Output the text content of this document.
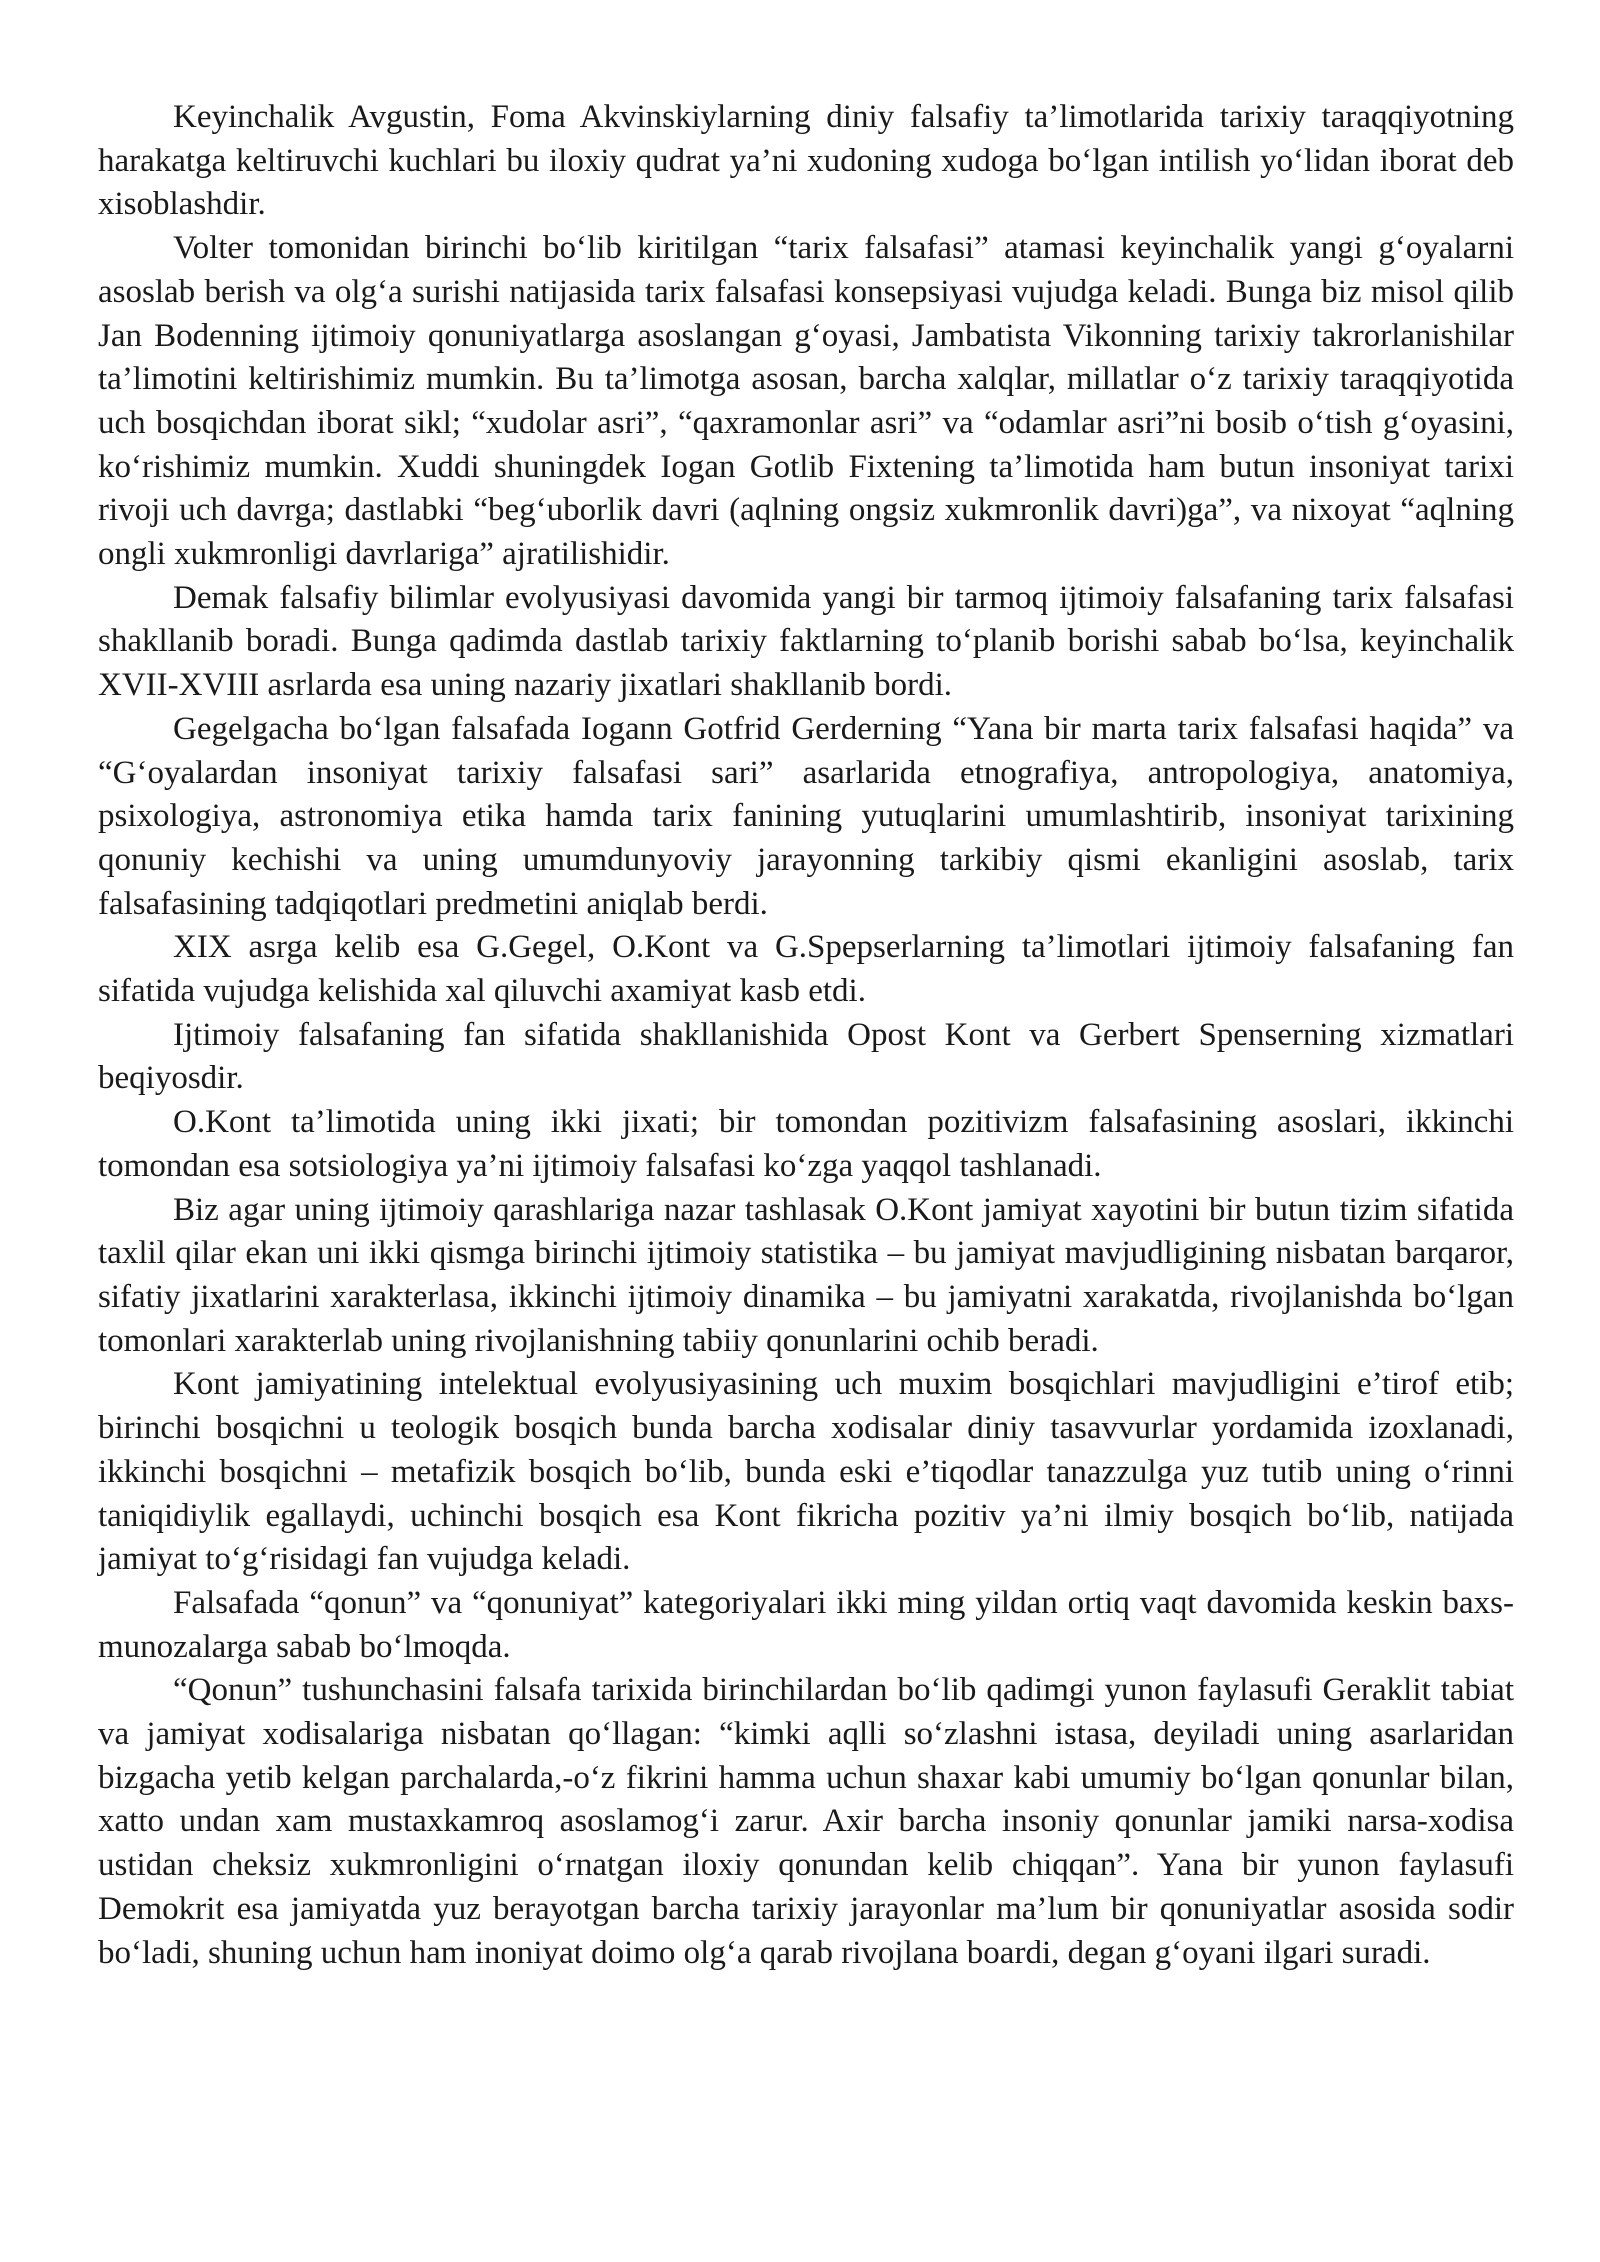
Keyinchalik Avgustin, Foma Akvinskiylarning diniy falsafiy ta’limotlarida tarixiy taraqqiyotning harakatga keltiruvchi kuchlari bu iloxiy qudrat ya’ni xudoning xudoga bo‘lgan intilish yo‘lidan iborat deb xisoblashdir.

Volter tomonidan birinchi bo‘lib kiritilgan “tarix falsafasi” atamasi keyinchalik yangi g‘oyalarni asoslab berish va olg‘a surishi natijasida tarix falsafasi konsepsiyasi vujudga keladi. Bunga biz misol qilib Jan Bodenning ijtimoiy qonuniyatlarga asoslangan g‘oyasi, Jambatista Vikonning tarixiy takrorlanishilar ta’limotini keltirishimiz mumkin. Bu ta’limotga asosan, barcha xalqlar, millatlar o‘z tarixiy taraqqiyotida uch bosqichdan iborat sikl; “xudolar asri”, “qaxramonlar asri” va “odamlar asri”ni bosib o‘tish g‘oyasini, ko‘rishimiz mumkin. Xuddi shuningdek Iogan Gotlib Fixtening ta’limotida ham butun insoniyat tarixi rivoji uch davrga; dastlabki “beg‘uborlik davri (aqlning ongsiz xukmronlik davri)ga”, va nixoyat “aqlning ongli xukmronligi davrlariga” ajratilishidir.

Demak falsafiy bilimlar evolyusiyasi davomida yangi bir tarmoq ijtimoiy falsafaning tarix falsafasi shakllanib boradi. Bunga qadimda dastlab tarixiy faktlarning to‘planib borishi sabab bo‘lsa, keyinchalik XVII-XVIII asrlarda esa uning nazariy jixatlari shakllanib bordi.

Gegelgacha bo‘lgan falsafada Iogann Gotfrid Gerderning “Yana bir marta tarix falsafasi haqida” va “G‘oyalardan insoniyat tarixiy falsafasi sari” asarlarida etnografiya, antropologiya, anatomiya, psixologiya, astronomiya etika hamda tarix fanining yutuqlarini umumlashtirib, insoniyat tarixining qonuniy kechishi va uning umumdunyoviy jarayonning tarkibiy qismi ekanligini asoslab, tarix falsafasining tadqiqotlari predmetini aniqlab berdi.

XIX asrga kelib esa G.Gegel, O.Kont va G.Spepserlarning ta’limotlari ijtimoiy falsafaning fan sifatida vujudga kelishida xal qiluvchi axamiyat kasb etdi.

Ijtimoiy falsafaning fan sifatida shakllanishida Opost Kont va Gerbert Spenserning xizmatlari beqiyosdir.

O.Kont ta’limotida uning ikki jixati; bir tomondan pozitivizm falsafasining asoslari, ikkinchi tomondan esa sotsiologiya ya’ni ijtimoiy falsafasi ko‘zga yaqqol tashlanadi.

Biz agar uning ijtimoiy qarashlariga nazar tashlasak O.Kont jamiyat xayotini bir butun tizim sifatida taxlil qilar ekan uni ikki qismga birinchi ijtimoiy statistika – bu jamiyat mavjudligining nisbatan barqaror, sifatiy jixatlarini xarakterlasa, ikkinchi ijtimoiy dinamika – bu jamiyatni xarakatda, rivojlanishda bo‘lgan tomonlari xarakterlab uning rivojlanishning tabiiy qonunlarini ochib beradi.

Kont jamiyatining intelektual evolyusiyasining uch muxim bosqichlari mavjudligini e’tirof etib; birinchi bosqichni u teologik bosqich bunda barcha xodisalar diniy tasavvurlar yordamida izoxlanadi, ikkinchi bosqichni – metafizik bosqich bo‘lib, bunda eski e’tiqodlar tanazzulga yuz tutib uning o‘rinni taniqidiylik egallaydi, uchinchi bosqich esa Kont fikricha pozitiv ya’ni ilmiy bosqich bo‘lib, natijada jamiyat to‘g‘risidagi fan vujudga keladi.

Falsafada “qonun” va “qonuniyat” kategoriyalari ikki ming yildan ortiq vaqt davomida keskin baxs-munozalarga sabab bo‘lmoqda.

“Qonun” tushunchasini falsafa tarixida birinchilardan bo‘lib qadimgi yunon faylasufi Geraklit tabiat va jamiyat xodisalariga nisbatan qo‘llagan: “kimki aqlli so‘zlashni istasa, deyiladi uning asarlaridan bizgacha yetib kelgan parchalarda,-o‘z fikrini hamma uchun shaxar kabi umumiy bo‘lgan qonunlar bilan, xatto undan xam mustaxkamroq asoslamog‘i zarur. Axir barcha insoniy qonunlar jamiki narsa-xodisa ustidan cheksiz xukmronligini o‘rnatgan iloxiy qonundan kelib chiqqan”. Yana bir yunon faylasufi Demokrit esa jamiyatda yuz berayotgan barcha tarixiy jarayonlar ma’lum bir qonuniyatlar asosida sodir bo‘ladi, shuning uchun ham inoniyat doimo olg‘a qarab rivojlana boardi, degan g‘oyani ilgari suradi.
